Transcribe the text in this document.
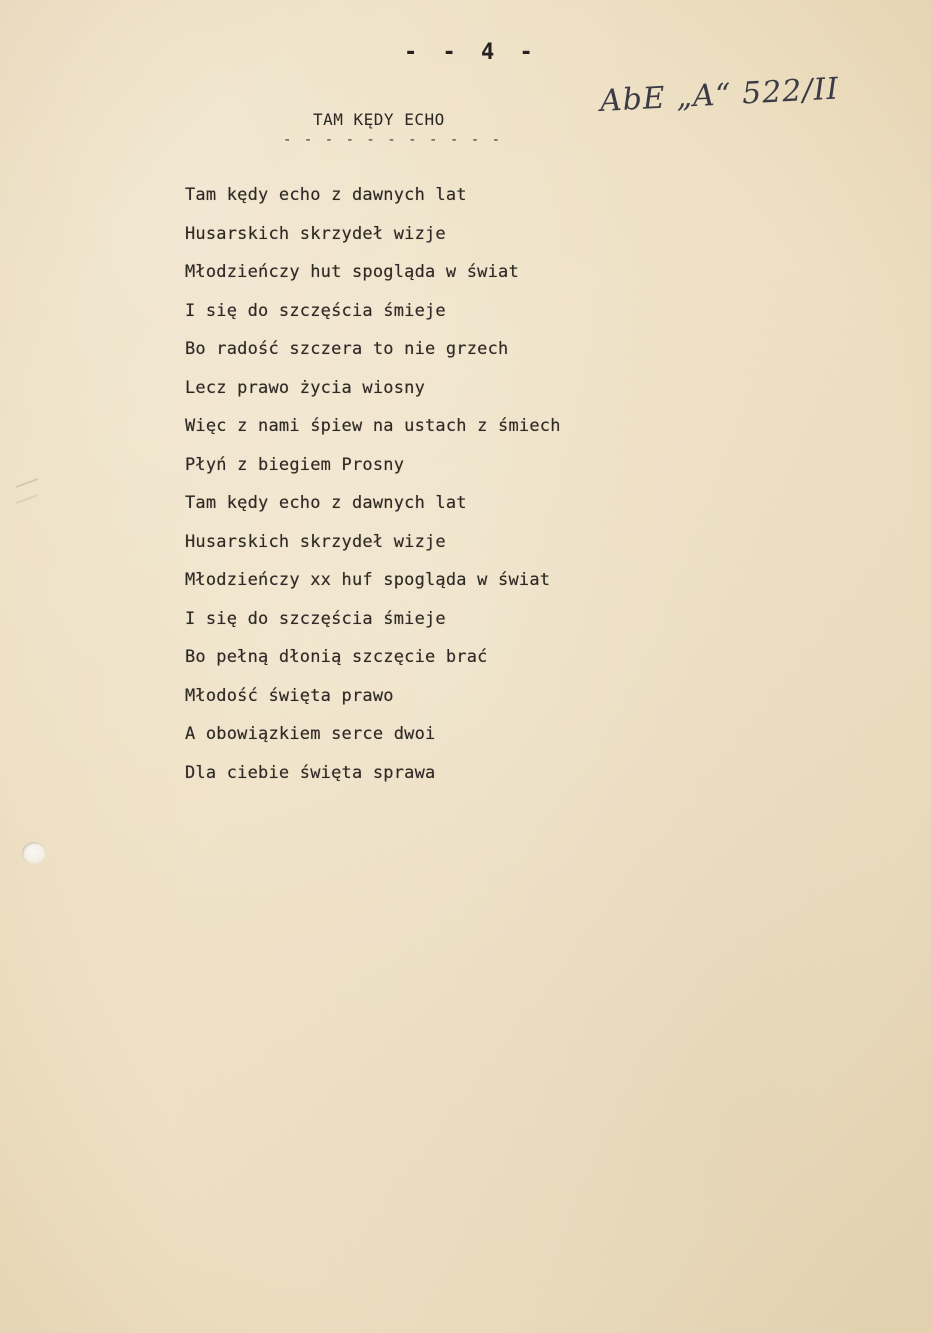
- - 4 -
TAM KĘDY ECHO
- - - - - - - - - - -
AbE „A“ 522/II
Tam kędy echo z dawnych lat
Husarskich skrzydeł wizje
Młodzieńczy hut spogląda w świat
I się do szczęścia śmieje
Bo radość szczera to nie grzech
Lecz prawo życia wiosny
Więc z nami śpiew na ustach z śmiech
Płyń z biegiem Prosny
Tam kędy echo z dawnych lat
Husarskich skrzydeł wizje
Młodzieńczy xx huf spogląda w świat
I się do szczęścia śmieje
Bo pełną dłonią szczęcie brać
Młodość święta prawo
A obowiązkiem serce dwoi
Dla ciebie święta sprawa
